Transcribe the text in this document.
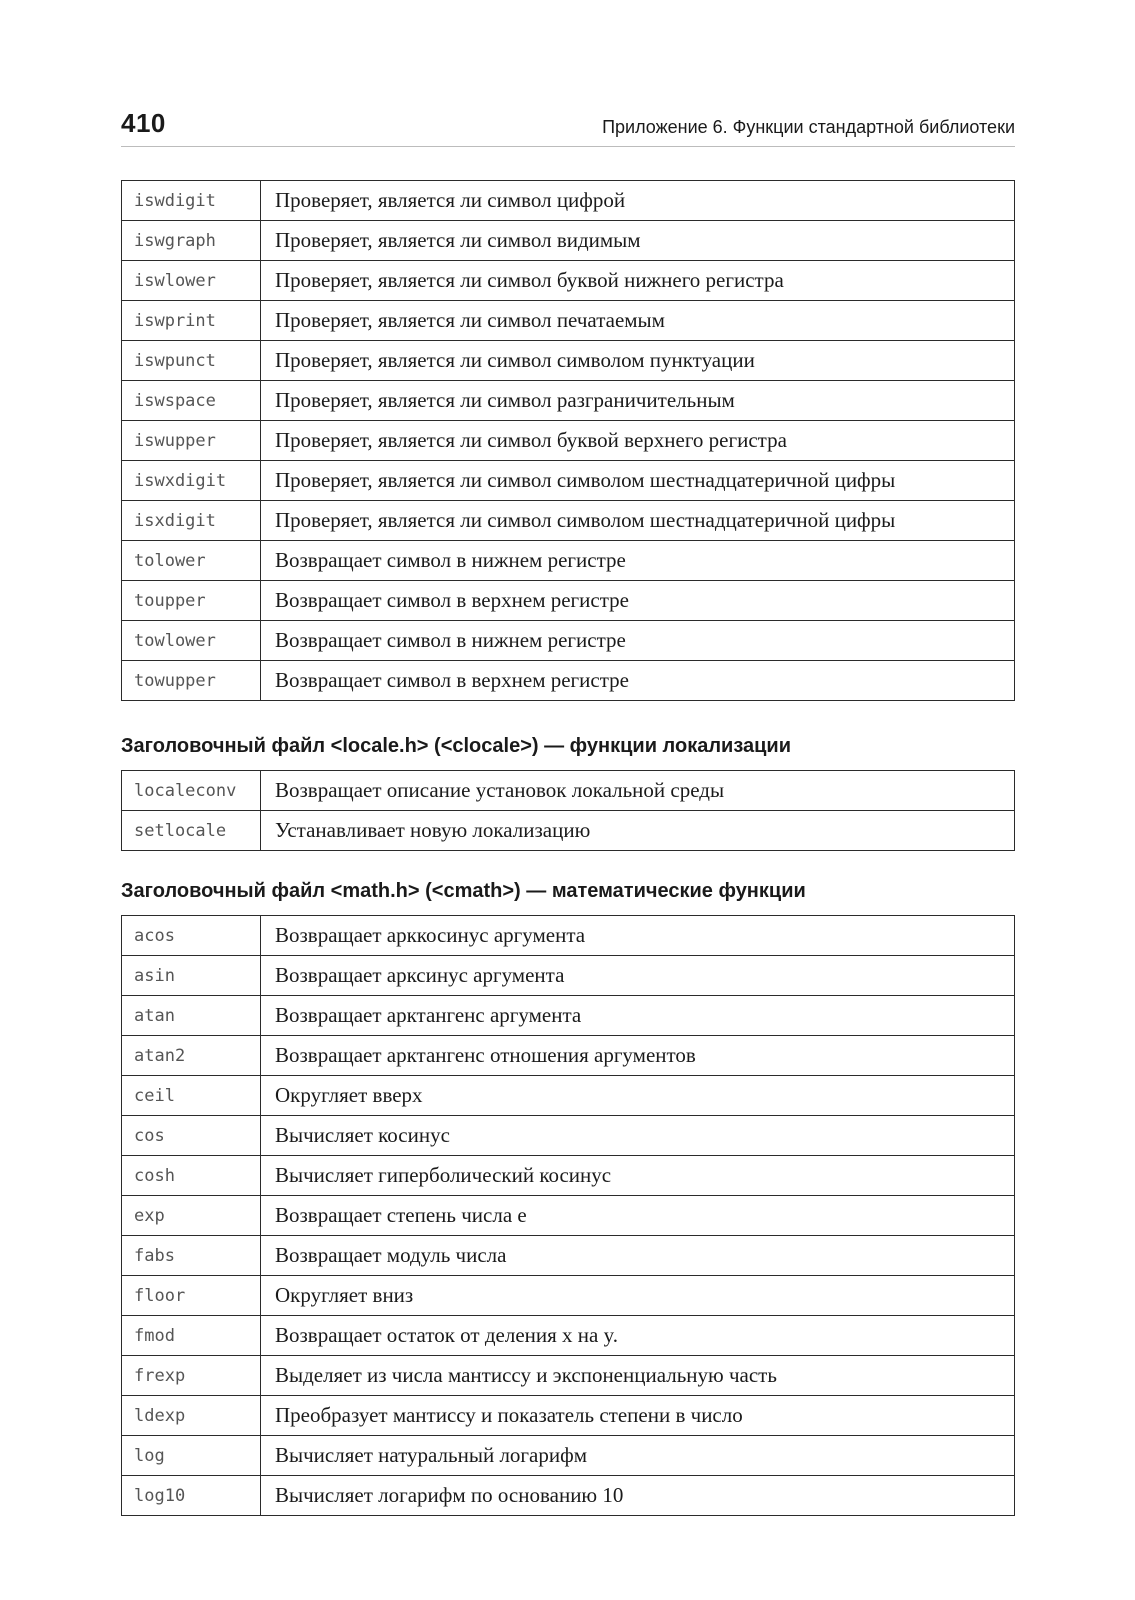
410	Приложение 6. Функции стандартной библиотеки
iswdigit	Проверяет, является ли символ цифрой
iswgraph	Проверяет, является ли символ видимым
iswlower	Проверяет, является ли символ буквой нижнего регистра
iswprint	Проверяет, является ли символ печатаемым
iswpunct	Проверяет, является ли символ символом пунктуации
iswspace	Проверяет, является ли символ разграничительным
iswupper	Проверяет, является ли символ буквой верхнего регистра
iswxdigit	Проверяет, является ли символ символом шестнадцатеричной цифры
isxdigit	Проверяет, является ли символ символом шестнадцатеричной цифры
tolower	Возвращает символ в нижнем регистре
toupper	Возвращает символ в верхнем регистре
towlower	Возвращает символ в нижнем регистре
towupper	Возвращает символ в верхнем регистре
Заголовочный файл <locale.h> (<clocale>) — функции локализации
localeconv	Возвращает описание установок локальной среды
setlocale	Устанавливает новую локализацию
Заголовочный файл <math.h> (<cmath>) — математические функции
acos	Возвращает арккосинус аргумента
asin	Возвращает арксинус аргумента
atan	Возвращает арктангенс аргумента
atan2	Возвращает арктангенс отношения аргументов
ceil	Округляет вверх
cos	Вычисляет косинус
cosh	Вычисляет гиперболический косинус
exp	Возвращает степень числа e
fabs	Возвращает модуль числа
floor	Округляет вниз
fmod	Возвращает остаток от деления x на y.
frexp	Выделяет из числа мантиссу и экспоненциальную часть
ldexp	Преобразует мантиссу и показатель степени в число
log	Вычисляет натуральный логарифм
log10	Вычисляет логарифм по основанию 10
